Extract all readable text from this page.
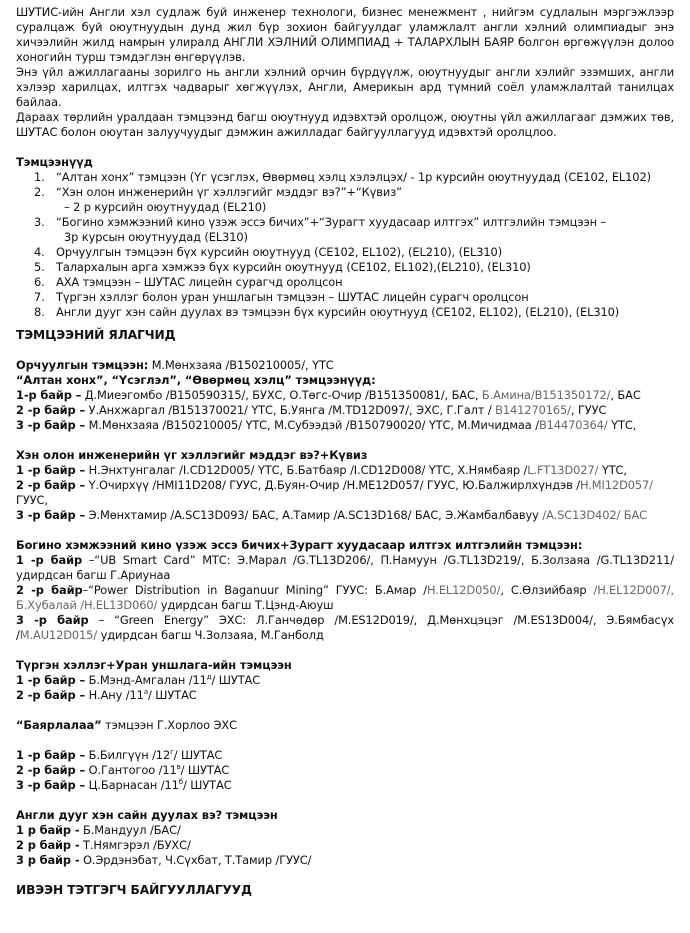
ШУТИС-ийн Англи хэл судлаж буй инженер технологи, бизнес менежмент , нийгэм судлалын мэргэжлээр суралцаж буй оюутнуудын дунд жил бүр зохион байгуулдаг уламжлалт англи хэлний олимпиадыг энэ хичээлийн жилд намрын улиралд АНГЛИ ХЭЛНИЙ ОЛИМПИАД + ТАЛАРХЛЫН БАЯР болгон өргөжүүлэн долоо хоногийн турш тэмдэглэн өнгөрүүлэв.

Энэ үйл ажиллагааны зорилго нь англи хэлний орчин бүрдүүлж, оюутнуудыг англи хэлийг эзэмших, англи хэлээр харилцах, илтгэх чадварыг хөгжүүлэх, Англи, Америкын ард түмний соёл уламжлалтай танилцах байлаа.

Дараах төрлийн уралдаан тэмцээнд багш оюутнууд идэвхтэй оролцож, оюутны үйл ажиллагааг дэмжих төв, ШУТАС болон оюутан залуучуудыг дэмжин ажилладаг байгууллагууд идэвхтэй оролцлоо.

Тэмцээнүүд

1. “Алтан хонх” тэмцээн (Үг үсэглэх, Өвөрмөц хэлц хэлэлцэх/ - 1р курсийн оюутнуудад (CE102, EL102)
2. “Хэн олон инженерийн үг хэллэгийг мэддэг вэ?”+“Күвиз”
– 2 р курсийн оюутнуудад (EL210)
3. “Богино хэмжээний кино үзэж эссэ бичих”+“Зурагт хуудасаар илтгэх” илтгэлийн тэмцээн –
3р курсын оюутнуудад (EL310)
4. Орчуулгын тэмцээн бүх курсийн оюутнууд (CE102, EL102), (EL210), (EL310)
5. Талархалын арга хэмжээ бүх курсийн оюутнууд (CE102, EL102),(EL210), (EL310)
6. АХА тэмцээн – ШУТАС лицейн сурагчд оролцсон
7. Түргэн хэллэг болон уран уншлагын тэмцээн – ШУТАС лицейн сурагч оролцсон
8. Англи дууг хэн сайн дуулах вэ тэмцээн бүх курсийн оюутнууд (CE102, EL102), (EL210), (EL310)

ТЭМЦЭЭНИЙ ЯЛАГЧИД

Орчуулгын тэмцээн: М.Мөнхзаяа /B150210005/, ҮТС

“Алтан хонх”, “Үсэглэл”, “Өвөрмөц хэлц” тэмцээнүүд:

1-р байр – Д.Миеэгомбо /B150590315/, БУХС, О.Төгс-Очир /B151350081/, БАС, Б.Амина/B151350172/, БАС

2 -р байр – У.Анхжаргал /B151370021/ ҮТС, Б.Уянга /M.TD12D097/, ЭХС, Г.Галт / B141270165/, ГУУС

3 -р байр – М.Мөнхзаяа /B150210005/ ҮТС, М.Субээдэй /B150790020/ ҮТС, М.Мичидмаа /B14470364/ ҮТС,

Хэн олон инженерийн үг хэллэгийг мэддэг вэ?+Күвиз

1 -р байр – Н.Энхтунгалаг /I.CD12D005/ ҮТС, Б.Батбаяр /I.CD12D008/ ҮТС, Х.Нямбаяр /L.FT13D027/ ҮТС,

2 -р байр – Ү.Очирхүү /HMI11D208/ ГУУС, Д.Буян-Очир /H.ME12D057/ ГУУС, Ю.Балжирлхүндэв /H.MI12D057/ГУУС,

3 -р байр – Э.Мөнхтамир /A.SC13D093/ БАС, А.Тамир /A.SC13D168/ БАС, Э.Жамбалбавуу /A.SC13D402/ БАС

Богино хэмжээний кино үзэж эссэ бичих+Зурагт хуудасаар илтгэх илтгэлийн тэмцээн:

1 -р байр –“UB Smart Card” МТС: Э.Марал /G.TL13D206/, П.Намуун /G.TL13D219/, Б.Золзаяа /G.TL13D211/ удирдсан багш Г.Ариунаа

2 -р байр–“Power Distribution in Baganuur Mining” ГУУС: Б.Амар /H.EL12D050/, С.Өлзийбаяр /H.EL12D007/, Б.Хубалай /H.EL13D060/ удирдсан багш Т.Цэнд-Аюуш

3 -р байр – “Green Energy” ЭХС: Л.Ганчөдөр /M.ES12D019/, Д.Мөнхцэцэг /M.ES13D004/, Э.Бямбасүх /M.AU12D015/ удирдсан багш Ч.Золзаяа, М.Ганболд

Түргэн хэллэг+Уран уншлага-ийн тэмцээн

1 -р байр – Б.Мэнд-Амгалан $/11^д/$ ШУТАС

2 -р байр – Н.Ану $/11^а/$ ШУТАС

“Баярлалаа” тэмцээн Г.Хорлоо ЭХС

1 -р байр – Б.Билгүүн $/12^г/$ ШУТАС

2 -р байр – О.Гантогоо $/11^в/$ ШУТАС

3 -р байр – Ц.Барнасан $/11^б/$ ШУТАС

Англи дууг хэн сайн дуулах вэ? тэмцээн

1 р байр - Б.Мандуул /БАС/

2 р байр - Т.Нямгэрэл /БУХС/

3 р байр - О.Эрдэнэбат, Ч.Сүхбат, Т.Тамир /ГУУС/

ИВЭЭН ТЭТГЭГЧ БАЙГУУЛЛАГУУД
